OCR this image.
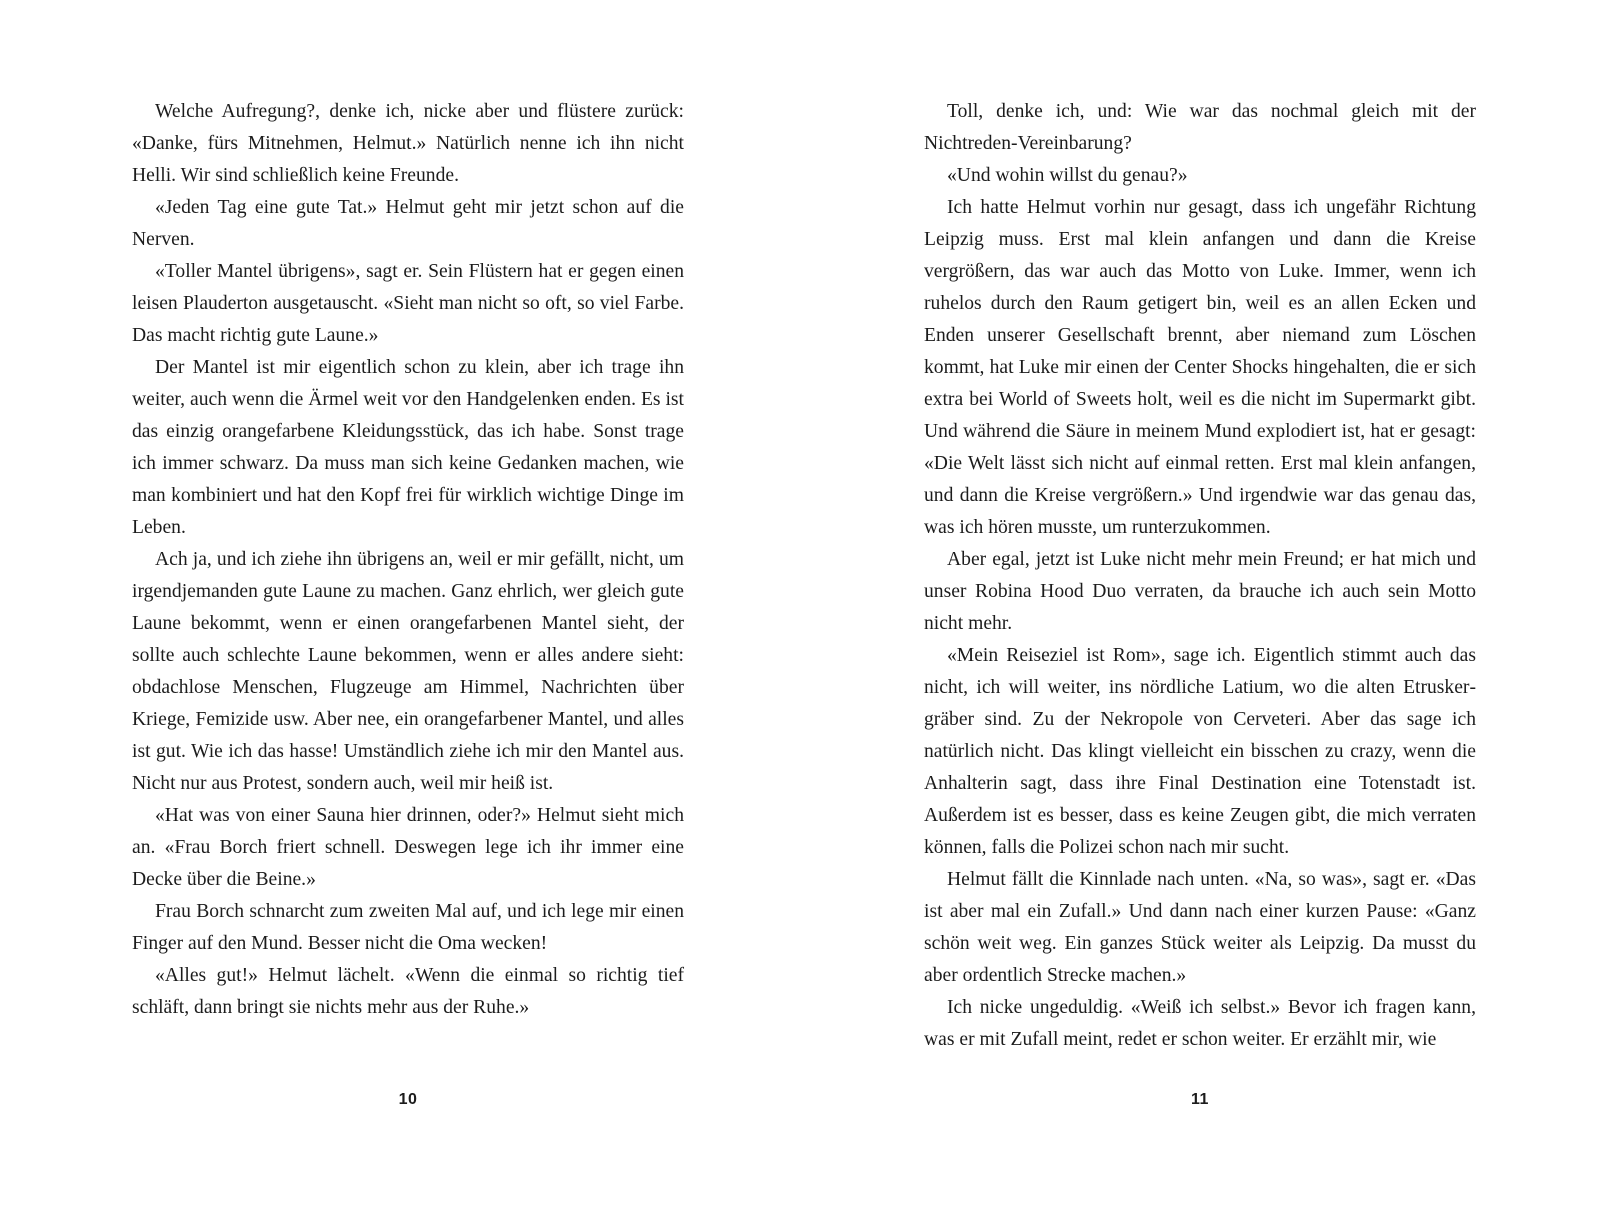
Welche Aufregung?, denke ich, nicke aber und flüstere zurück: «Danke, fürs Mitnehmen, Helmut.» Natürlich nenne ich ihn nicht Helli. Wir sind schließlich keine Freunde.

«Jeden Tag eine gute Tat.» Helmut geht mir jetzt schon auf die Nerven.

«Toller Mantel übrigens», sagt er. Sein Flüstern hat er gegen einen leisen Plauderton ausgetauscht. «Sieht man nicht so oft, so viel Farbe. Das macht richtig gute Laune.»

Der Mantel ist mir eigentlich schon zu klein, aber ich trage ihn weiter, auch wenn die Ärmel weit vor den Handgelenken enden. Es ist das einzig orangefarbene Kleidungsstück, das ich habe. Sonst trage ich immer schwarz. Da muss man sich keine Gedanken machen, wie man kombiniert und hat den Kopf frei für wirklich wichtige Dinge im Leben.

Ach ja, und ich ziehe ihn übrigens an, weil er mir gefällt, nicht, um irgendjemanden gute Laune zu machen. Ganz ehrlich, wer gleich gute Laune bekommt, wenn er einen orangefarbenen Mantel sieht, der sollte auch schlechte Laune bekommen, wenn er alles andere sieht: obdachlose Menschen, Flugzeuge am Himmel, Nachrichten über Kriege, Femizide usw. Aber nee, ein orangefarbener Mantel, und alles ist gut. Wie ich das hasse! Umständlich ziehe ich mir den Mantel aus. Nicht nur aus Protest, sondern auch, weil mir heiß ist.

«Hat was von einer Sauna hier drinnen, oder?» Helmut sieht mich an. «Frau Borch friert schnell. Deswegen lege ich ihr immer eine Decke über die Beine.»

Frau Borch schnarcht zum zweiten Mal auf, und ich lege mir einen Finger auf den Mund. Besser nicht die Oma wecken!

«Alles gut!» Helmut lächelt. «Wenn die einmal so richtig tief schläft, dann bringt sie nichts mehr aus der Ruhe.»

Toll, denke ich, und: Wie war das nochmal gleich mit der Nichtreden-Vereinbarung?

«Und wohin willst du genau?»

Ich hatte Helmut vorhin nur gesagt, dass ich ungefähr Richtung Leipzig muss. Erst mal klein anfangen und dann die Kreise vergrößern, das war auch das Motto von Luke. Immer, wenn ich ruhelos durch den Raum getigert bin, weil es an allen Ecken und Enden unserer Gesellschaft brennt, aber niemand zum Löschen kommt, hat Luke mir einen der Center Shocks hingehalten, die er sich extra bei World of Sweets holt, weil es die nicht im Supermarkt gibt. Und während die Säure in meinem Mund explodiert ist, hat er gesagt: «Die Welt lässt sich nicht auf einmal retten. Erst mal klein anfangen, und dann die Kreise vergrößern.» Und irgendwie war das genau das, was ich hören musste, um runterzukommen.

Aber egal, jetzt ist Luke nicht mehr mein Freund; er hat mich und unser Robina Hood Duo verraten, da brauche ich auch sein Motto nicht mehr.

«Mein Reiseziel ist Rom», sage ich. Eigentlich stimmt auch das nicht, ich will weiter, ins nördliche Latium, wo die alten Etruskergräber sind. Zu der Nekropole von Cerveteri. Aber das sage ich natürlich nicht. Das klingt vielleicht ein bisschen zu crazy, wenn die Anhalterin sagt, dass ihre Final Destination eine Totenstadt ist. Außerdem ist es besser, dass es keine Zeugen gibt, die mich verraten können, falls die Polizei schon nach mir sucht.

Helmut fällt die Kinnlade nach unten. «Na, so was», sagt er. «Das ist aber mal ein Zufall.» Und dann nach einer kurzen Pause: «Ganz schön weit weg. Ein ganzes Stück weiter als Leipzig. Da musst du aber ordentlich Strecke machen.»

Ich nicke ungeduldig. «Weiß ich selbst.» Bevor ich fragen kann, was er mit Zufall meint, redet er schon weiter. Er erzählt mir, wie

10	11
